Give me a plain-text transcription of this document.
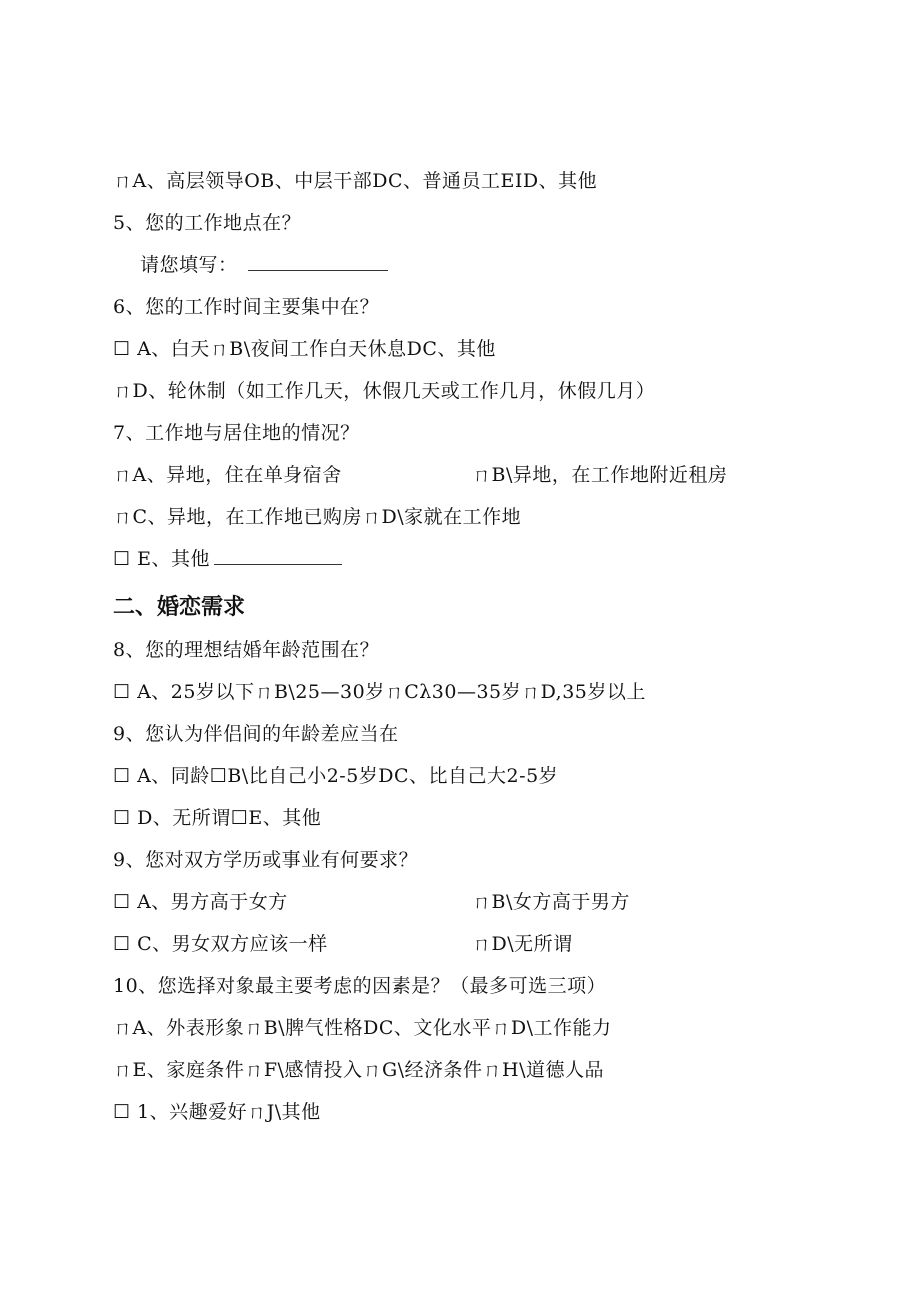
ㄇA、高层领导OB、中层干部DC、普通员工EID、其他
5、您的工作地点在？
请您填写：
6、您的工作时间主要集中在？
☐ A、白天ㄇB\夜间工作白天休息DC、其他
ㄇD、轮休制（如工作几天，休假几天或工作几月，休假几月）
7、工作地与居住地的情况？
ㄇA、异地，住在单身宿舍	ㄇB\异地，在工作地附近租房
ㄇC、异地，在工作地已购房ㄇD\家就在工作地
☐ E、其他
二、婚恋需求
8、您的理想结婚年龄范围在？
☐ A、25岁以下ㄇB\25—30岁ㄇCλ30—35岁ㄇD,35岁以上
9、您认为伴侣间的年龄差应当在
☐ A、同龄☐B\比自己小2-5岁DC、比自己大2-5岁
☐ D、无所谓☐E、其他
9、您对双方学历或事业有何要求？
☐ A、男方高于女方	ㄇB\女方高于男方
☐ C、男女双方应该一样	ㄇD\无所谓
10、您选择对象最主要考虑的因素是？（最多可选三项）
ㄇA、外表形象ㄇB\脾气性格DC、文化水平ㄇD\工作能力
ㄇE、家庭条件ㄇF\感情投入ㄇG\经济条件ㄇH\道德人品
☐ 1、兴趣爱好ㄇJ\其他
